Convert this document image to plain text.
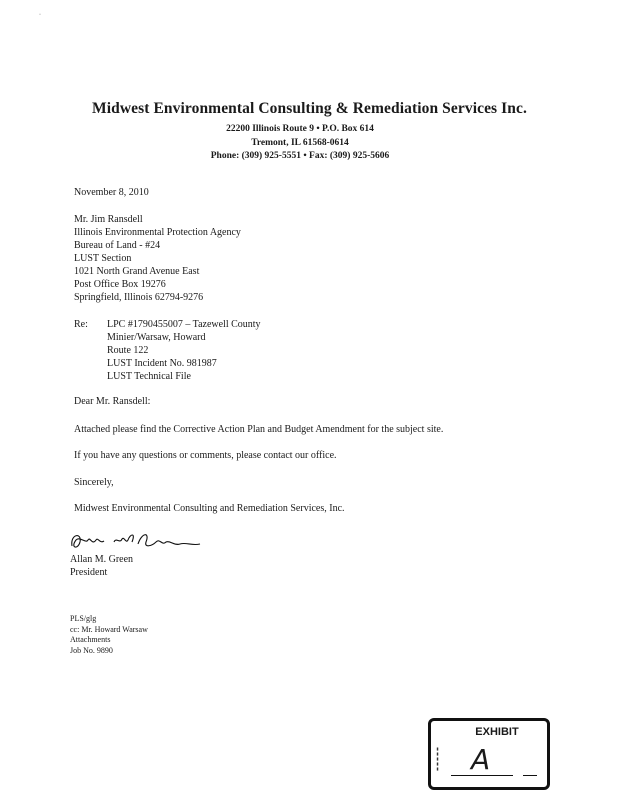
·
Midwest Environmental Consulting & Remediation Services Inc.
22200 Illinois Route 9 • P.O. Box 614
Tremont, IL 61568-0614
Phone: (309) 925-5551 • Fax: (309) 925-5606
November 8, 2010
Mr. Jim Ransdell
Illinois Environmental Protection Agency
Bureau of Land - #24
LUST Section
1021 North Grand Avenue East
Post Office Box 19276
Springfield, Illinois 62794-9276
Re: LPC #1790455007 – Tazewell County
Minier/Warsaw, Howard
Route 122
LUST Incident No. 981987
LUST Technical File
Dear Mr. Ransdell:
Attached please find the Corrective Action Plan and Budget Amendment for the subject site.
If you have any questions or comments, please contact our office.
Sincerely,
Midwest Environmental Consulting and Remediation Services, Inc.
Allan M. Green
President
PLS/glg
cc: Mr. Howard Warsaw
Attachments
Job No. 9890
EXHIBIT
▮▮▮▮▮ A
